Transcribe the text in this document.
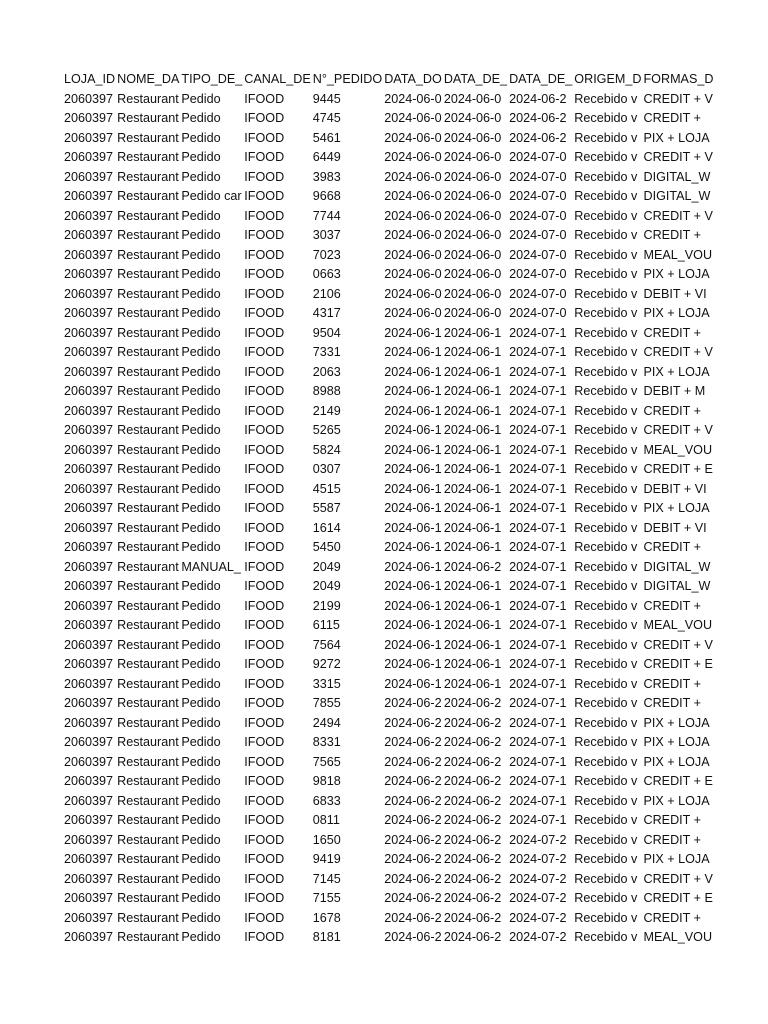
LOJA_ID	NOME_DA	TIPO_DE_	CANAL_DE	N°_PEDIDO	DATA_DO	DATA_DE_	DATA_DE_	ORIGEM_D	FORMAS_D
2060397	Restaurant	Pedido	IFOOD	9445	2024-06-0	2024-06-0	2024-06-2	Recebido v	CREDIT + V
2060397	Restaurant	Pedido	IFOOD	4745	2024-06-0	2024-06-0	2024-06-2	Recebido v	CREDIT +
2060397	Restaurant	Pedido	IFOOD	5461	2024-06-0	2024-06-0	2024-06-2	Recebido v	PIX + LOJA
2060397	Restaurant	Pedido	IFOOD	6449	2024-06-0	2024-06-0	2024-07-0	Recebido v	CREDIT + V
2060397	Restaurant	Pedido	IFOOD	3983	2024-06-0	2024-06-0	2024-07-0	Recebido v	DIGITAL_W
2060397	Restaurant	Pedido car	IFOOD	9668	2024-06-0	2024-06-0	2024-07-0	Recebido v	DIGITAL_W
2060397	Restaurant	Pedido	IFOOD	7744	2024-06-0	2024-06-0	2024-07-0	Recebido v	CREDIT + V
2060397	Restaurant	Pedido	IFOOD	3037	2024-06-0	2024-06-0	2024-07-0	Recebido v	CREDIT +
2060397	Restaurant	Pedido	IFOOD	7023	2024-06-0	2024-06-0	2024-07-0	Recebido v	MEAL_VOU
2060397	Restaurant	Pedido	IFOOD	0663	2024-06-0	2024-06-0	2024-07-0	Recebido v	PIX + LOJA
2060397	Restaurant	Pedido	IFOOD	2106	2024-06-0	2024-06-0	2024-07-0	Recebido v	DEBIT + VI
2060397	Restaurant	Pedido	IFOOD	4317	2024-06-0	2024-06-0	2024-07-0	Recebido v	PIX + LOJA
2060397	Restaurant	Pedido	IFOOD	9504	2024-06-1	2024-06-1	2024-07-1	Recebido v	CREDIT +
2060397	Restaurant	Pedido	IFOOD	7331	2024-06-1	2024-06-1	2024-07-1	Recebido v	CREDIT + V
2060397	Restaurant	Pedido	IFOOD	2063	2024-06-1	2024-06-1	2024-07-1	Recebido v	PIX + LOJA
2060397	Restaurant	Pedido	IFOOD	8988	2024-06-1	2024-06-1	2024-07-1	Recebido v	DEBIT + M
2060397	Restaurant	Pedido	IFOOD	2149	2024-06-1	2024-06-1	2024-07-1	Recebido v	CREDIT +
2060397	Restaurant	Pedido	IFOOD	5265	2024-06-1	2024-06-1	2024-07-1	Recebido v	CREDIT + V
2060397	Restaurant	Pedido	IFOOD	5824	2024-06-1	2024-06-1	2024-07-1	Recebido v	MEAL_VOU
2060397	Restaurant	Pedido	IFOOD	0307	2024-06-1	2024-06-1	2024-07-1	Recebido v	CREDIT + E
2060397	Restaurant	Pedido	IFOOD	4515	2024-06-1	2024-06-1	2024-07-1	Recebido v	DEBIT + VI
2060397	Restaurant	Pedido	IFOOD	5587	2024-06-1	2024-06-1	2024-07-1	Recebido v	PIX + LOJA
2060397	Restaurant	Pedido	IFOOD	1614	2024-06-1	2024-06-1	2024-07-1	Recebido v	DEBIT + VI
2060397	Restaurant	Pedido	IFOOD	5450	2024-06-1	2024-06-1	2024-07-1	Recebido v	CREDIT +
2060397	Restaurant	MANUAL_	IFOOD	2049	2024-06-1	2024-06-2	2024-07-1	Recebido v	DIGITAL_W
2060397	Restaurant	Pedido	IFOOD	2049	2024-06-1	2024-06-1	2024-07-1	Recebido v	DIGITAL_W
2060397	Restaurant	Pedido	IFOOD	2199	2024-06-1	2024-06-1	2024-07-1	Recebido v	CREDIT +
2060397	Restaurant	Pedido	IFOOD	6115	2024-06-1	2024-06-1	2024-07-1	Recebido v	MEAL_VOU
2060397	Restaurant	Pedido	IFOOD	7564	2024-06-1	2024-06-1	2024-07-1	Recebido v	CREDIT + V
2060397	Restaurant	Pedido	IFOOD	9272	2024-06-1	2024-06-1	2024-07-1	Recebido v	CREDIT + E
2060397	Restaurant	Pedido	IFOOD	3315	2024-06-1	2024-06-1	2024-07-1	Recebido v	CREDIT +
2060397	Restaurant	Pedido	IFOOD	7855	2024-06-2	2024-06-2	2024-07-1	Recebido v	CREDIT +
2060397	Restaurant	Pedido	IFOOD	2494	2024-06-2	2024-06-2	2024-07-1	Recebido v	PIX + LOJA
2060397	Restaurant	Pedido	IFOOD	8331	2024-06-2	2024-06-2	2024-07-1	Recebido v	PIX + LOJA
2060397	Restaurant	Pedido	IFOOD	7565	2024-06-2	2024-06-2	2024-07-1	Recebido v	PIX + LOJA
2060397	Restaurant	Pedido	IFOOD	9818	2024-06-2	2024-06-2	2024-07-1	Recebido v	CREDIT + E
2060397	Restaurant	Pedido	IFOOD	6833	2024-06-2	2024-06-2	2024-07-1	Recebido v	PIX + LOJA
2060397	Restaurant	Pedido	IFOOD	0811	2024-06-2	2024-06-2	2024-07-1	Recebido v	CREDIT +
2060397	Restaurant	Pedido	IFOOD	1650	2024-06-2	2024-06-2	2024-07-2	Recebido v	CREDIT +
2060397	Restaurant	Pedido	IFOOD	9419	2024-06-2	2024-06-2	2024-07-2	Recebido v	PIX + LOJA
2060397	Restaurant	Pedido	IFOOD	7145	2024-06-2	2024-06-2	2024-07-2	Recebido v	CREDIT + V
2060397	Restaurant	Pedido	IFOOD	7155	2024-06-2	2024-06-2	2024-07-2	Recebido v	CREDIT + E
2060397	Restaurant	Pedido	IFOOD	1678	2024-06-2	2024-06-2	2024-07-2	Recebido v	CREDIT +
2060397	Restaurant	Pedido	IFOOD	8181	2024-06-2	2024-06-2	2024-07-2	Recebido v	MEAL_VOU
